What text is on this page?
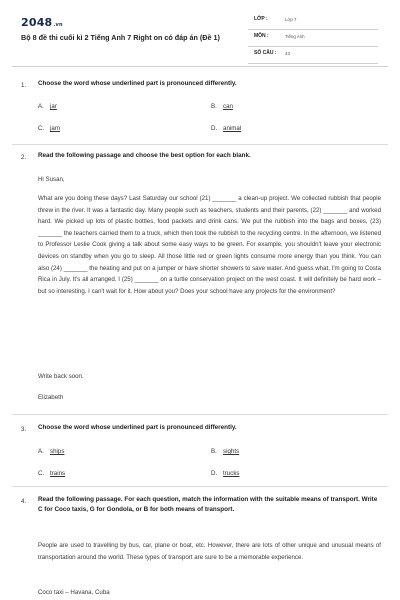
2048.vn
Bộ 8 đề thi cuối kì 2 Tiếng Anh 7 Right on có đáp án (Đề 1)
LỚP :	Lớp 7
MÔN :	Tiếng Anh
SỐ CÂU : 43
1. Choose the word whose underlined part is pronounced differently.
A. jar	B. can
C. jam	D. animal
2. Read the following passage and choose the best option for each blank.
Hi Susan,
What are you doing these days? Last Saturday our school (21) _______ a clean-up project. We collected rubbish that people threw in the river. It was a fantastic day. Many people such as teachers, students and their parents, (22) _______ and worked hard. We picked up lots of plastic bottles, food packets and drink cans. We put the rubbish into the bags and boxes, (23) _______ the teachers carried them to a truck, which then took the rubbish to the recycling centre. In the afternoon, we listened to Professor Leslie Cook giving a talk about some easy ways to be green. For example, you shouldn't leave your electronic devices on standby when you go to sleep. All those little red or green lights consume more energy than you think. You can also (24) _______ the heating and put on a jumper or have shorter showers to save water. And guess what, I'm going to Costa Rica in July. It's all arranged. I (25) _______ on a turtle conservation project on the west coast. It will definitely be hard work – but so interesting. I can't wait for it. How about you? Does your school have any projects for the environment?
Write back soon.
Elizabeth
3. Choose the word whose underlined part is pronounced differently.
A. ships	B. sights
C. trains	D. trucks
4. Read the following passage. For each question, match the information with the suitable means of transport. Write C for Coco taxis, G for Gondola, or B for both means of transport.
People are used to travelling by bus, car, plane or boat, etc. However, there are lots of other unique and unusual means of transportation around the world. These types of transport are sure to be a memorable experience.
Coco taxi – Havana, Cuba
